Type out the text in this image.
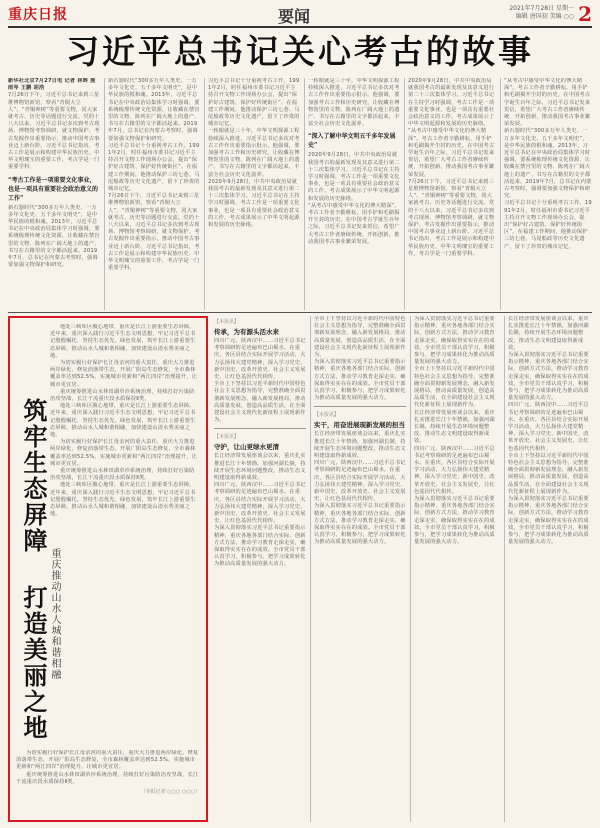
重庆日报	要闻	2021年7月28日 星期一
编辑 唐国初 美编 ○○ 2
习近平总书记关心考古的故事
新华社北京7月27日电 记者 林晖 施雨岑 王鹏 胡浩
7月26日下午，习近平总书记来到三星堆博物馆新馆，察看“青铜大立人”、“青铜神树”等重要文物，同大家就考古、历史等话题进行交流。党的十八大以来，习近平总书记多次到考古现场、博物馆考察调研，就文物保护、考古发掘作出重要指示，推动中国考古事业迈上新台阶。习近平总书记指出，考古工作是展示和构建中华民族历史、中华文明瑰宝的重要工作，考古学是一门重要学科。
“考古工作是一项重要文化事业，也是一项具有重要社会政治意义的工作”
新石器时代“300多万年人类史、一万多年文化史、五千多年文明史”，是中华民族的根和魂。2013年，习近平总书记在中央政治局集体学习时强调，要系统梳理传统文化资源，让收藏在禁宫里的文物、陈列在广阔大地上的遗产、书写在古籍里的文字都活起来。2019年7月，总书记在内蒙古考察时，强调要加强文物保护和研究。
新石器时代“300多万年人类史、一万多年文化史、五千多年文明史”，是中华民族的根和魂。2013年，习近平总书记在中央政治局集体学习时强调，要系统梳理传统文化资源，让收藏在禁宫里的文物、陈列在广阔大地上的遗产、书写在古籍里的文字都活起来。2019年7月，总书记在内蒙古考察时，强调要加强文物保护和研究。
习近平总书记十分重视考古工作。1991年2月，时任福州市委书记习近平主持召开文物工作现场办公会，提出“保护好古建筑、保护好传统街区”。在福建工作期间，他推动保护三坊七巷、马尾船政等历史文化遗产，留下了珍贵的城市记忆。
7月26日下午，习近平总书记来到三星堆博物馆新馆，察看“青铜大立人”、“青铜神树”等重要文物，同大家就考古、历史等话题进行交流。党的十八大以来，习近平总书记多次到考古现场、博物馆考察调研，就文物保护、考古发掘作出重要指示，推动中国考古事业迈上新台阶。习近平总书记指出，考古工作是展示和构建中华民族历史、中华文明瑰宝的重要工作，考古学是一门重要学科。
习近平总书记十分重视考古工作。1991年2月，时任福州市委书记习近平主持召开文物工作现场办公会，提出“保护好古建筑、保护好传统街区”。在福建工作期间，他推动保护三坊七巷、马尾船政等历史文化遗产，留下了珍贵的城市记忆。
一转眼就是三十年，中华文明探源工程持续深入推进，习近平总书记多次对考古工作作出重要指示批示。他强调，要加强考古工作和历史研究，让收藏在博物馆里的文物、陈列在广阔大地上的遗产、书写在古籍里的文字都活起来，丰富全社会历史文化滋养。
2020年9月28日，中共中央政治局就我国考古的最新发现及其意义进行第二十三次集体学习。习近平总书记在主持学习时强调，考古工作是一项重要文化事业，也是一项具有重要社会政治意义的工作。考古成果展示了中华文明起源和发展的历史脉络。
一转眼就是三十年，中华文明探源工程持续深入推进，习近平总书记多次对考古工作作出重要指示批示。他强调，要加强考古工作和历史研究，让收藏在博物馆里的文物、陈列在广阔大地上的遗产、书写在古籍里的文字都活起来，丰富全社会历史文化滋养。
“深入了解中华文明五千多年发展史”
2020年9月28日，中共中央政治局就我国考古的最新发现及其意义进行第二十三次集体学习。习近平总书记在主持学习时强调，考古工作是一项重要文化事业，也是一项具有重要社会政治意义的工作。考古成果展示了中华文明起源和发展的历史脉络。
“从考古中感受中华文化的博大精深”。考古工作者辛勤耕耘，用手铲和毛刷揭开尘封的历史。在中国考古学诞生百年之际，习近平总书记发来贺信，希望广大考古工作者赓续传统、开拓创新，推动我国考古事业繁荣发展。
2020年9月28日，中共中央政治局就我国考古的最新发现及其意义进行第二十三次集体学习。习近平总书记在主持学习时强调，考古工作是一项重要文化事业，也是一项具有重要社会政治意义的工作。考古成果展示了中华文明起源和发展的历史脉络。
“从考古中感受中华文化的博大精深”。考古工作者辛勤耕耘，用手铲和毛刷揭开尘封的历史。在中国考古学诞生百年之际，习近平总书记发来贺信，希望广大考古工作者赓续传统、开拓创新，推动我国考古事业繁荣发展。
7月26日下午，习近平总书记来到三星堆博物馆新馆，察看“青铜大立人”、“青铜神树”等重要文物，同大家就考古、历史等话题进行交流。党的十八大以来，习近平总书记多次到考古现场、博物馆考察调研，就文物保护、考古发掘作出重要指示，推动中国考古事业迈上新台阶。习近平总书记指出，考古工作是展示和构建中华民族历史、中华文明瑰宝的重要工作，考古学是一门重要学科。
“从考古中感受中华文化的博大精深”。考古工作者辛勤耕耘，用手铲和毛刷揭开尘封的历史。在中国考古学诞生百年之际，习近平总书记发来贺信，希望广大考古工作者赓续传统、开拓创新，推动我国考古事业繁荣发展。
新石器时代“300多万年人类史、一万多年文化史、五千多年文明史”，是中华民族的根和魂。2013年，习近平总书记在中央政治局集体学习时强调，要系统梳理传统文化资源，让收藏在禁宫里的文物、陈列在广阔大地上的遗产、书写在古籍里的文字都活起来。2019年7月，总书记在内蒙古考察时，强调要加强文物保护和研究。
习近平总书记十分重视考古工作。1991年2月，时任福州市委书记习近平主持召开文物工作现场办公会，提出“保护好古建筑、保护好传统街区”。在福建工作期间，他推动保护三坊七巷、马尾船政等历史文化遗产，留下了珍贵的城市记忆。
筑牢生态屏障 打造美丽之地 重庆推动山水人城和谐相融
地处三峡库区腹心地带，重庆是长江上游重要生态屏障。近年来，重庆深入践行习近平生态文明思想，牢记习近平总书记殷殷嘱托，坚持生态优先、绿色发展，筑牢长江上游重要生态屏障，推动山水人城和谐相融，加快建设山清水秀美丽之地。
为切实履行好保护长江母亲河的重大责任，重庆大力推进两岸绿化，修复消落带生态，开展广阳岛生态修复，全市森林覆盖率达到52.5%。实施城市更新和“两江四岸”治理提升，让城市更宜居。
重庆统筹推进山水林田湖草沙系统治理，持续打好污染防治攻坚战，长江干流重庆段水质保持Ⅱ类。
地处三峡库区腹心地带，重庆是长江上游重要生态屏障。近年来，重庆深入践行习近平生态文明思想，牢记习近平总书记殷殷嘱托，坚持生态优先、绿色发展，筑牢长江上游重要生态屏障，推动山水人城和谐相融，加快建设山清水秀美丽之地。
为切实履行好保护长江母亲河的重大责任，重庆大力推进两岸绿化，修复消落带生态，开展广阳岛生态修复，全市森林覆盖率达到52.5%。实施城市更新和“两江四岸”治理提升，让城市更宜居。
重庆统筹推进山水林田湖草沙系统治理，持续打好污染防治攻坚战，长江干流重庆段水质保持Ⅱ类。
地处三峡库区腹心地带，重庆是长江上游重要生态屏障。近年来，重庆深入践行习近平生态文明思想，牢记习近平总书记殷殷嘱托，坚持生态优先、绿色发展，筑牢长江上游重要生态屏障，推动山水人城和谐相融，加快建设山清水秀美丽之地。
为切实履行好保护长江母亲河的重大责任，重庆大力推进两岸绿化，修复消落带生态，开展广阳岛生态修复，全市森林覆盖率达到52.5%。实施城市更新和“两江四岸”治理提升，让城市更宜居。
重庆统筹推进山水林田湖草沙系统治理，持续打好污染防治攻坚战，长江干流重庆段水质保持Ⅱ类。
（本报记者 ○○○ ○○○）
【本报讯】
传承，为有源头活水来
四川广元、陕西汉中……习近平总书记考察调研的足迹遍布巴山蜀水。在重庆，各区县结合实际开展学习活动，大力弘扬伟大建党精神，深入学习党史、新中国史、改革开放史、社会主义发展史，让红色基因代代相传。
全市上下坚持以习近平新时代中国特色社会主义思想为指导，完整准确全面贯彻新发展理念，融入新发展格局，推动高质量发展，创造高品质生活，在全面建设社会主义现代化新征程上展现新作为。
【本报讯】
守护，让山更绿水更清
长江经济带发展座谈会以来，重庆扎实推进长江十年禁渔，加强河湖长制，持续开展生态环境问题整改，推动生态文明建设取得新成效。
四川广元、陕西汉中……习近平总书记考察调研的足迹遍布巴山蜀水。在重庆，各区县结合实际开展学习活动，大力弘扬伟大建党精神，深入学习党史、新中国史、改革开放史、社会主义发展史，让红色基因代代相传。
为深入贯彻落实习近平总书记重要指示精神，重庆各地各部门结合实际，创新方式方法，推动学习教育走深走实，确保取得实实在在的成效。全市党员干部认真学习，积极参与，把学习成果转化为推动高质量发展的强大动力。
全市上下坚持以习近平新时代中国特色社会主义思想为指导，完整准确全面贯彻新发展理念，融入新发展格局，推动高质量发展，创造高品质生活，在全面建设社会主义现代化新征程上展现新作为。
为深入贯彻落实习近平总书记重要指示精神，重庆各地各部门结合实际，创新方式方法，推动学习教育走深走实，确保取得实实在在的成效。全市党员干部认真学习，积极参与，把学习成果转化为推动高质量发展的强大动力。
【本报讯】
实干，用奋进展现新发展的担当
长江经济带发展座谈会以来，重庆扎实推进长江十年禁渔，加强河湖长制，持续开展生态环境问题整改，推动生态文明建设取得新成效。
四川广元、陕西汉中……习近平总书记考察调研的足迹遍布巴山蜀水。在重庆，各区县结合实际开展学习活动，大力弘扬伟大建党精神，深入学习党史、新中国史、改革开放史、社会主义发展史，让红色基因代代相传。
为深入贯彻落实习近平总书记重要指示精神，重庆各地各部门结合实际，创新方式方法，推动学习教育走深走实，确保取得实实在在的成效。全市党员干部认真学习，积极参与，把学习成果转化为推动高质量发展的强大动力。
为深入贯彻落实习近平总书记重要指示精神，重庆各地各部门结合实际，创新方式方法，推动学习教育走深走实，确保取得实实在在的成效。全市党员干部认真学习，积极参与，把学习成果转化为推动高质量发展的强大动力。
全市上下坚持以习近平新时代中国特色社会主义思想为指导，完整准确全面贯彻新发展理念，融入新发展格局，推动高质量发展，创造高品质生活，在全面建设社会主义现代化新征程上展现新作为。
长江经济带发展座谈会以来，重庆扎实推进长江十年禁渔，加强河湖长制，持续开展生态环境问题整改，推动生态文明建设取得新成效。
四川广元、陕西汉中……习近平总书记考察调研的足迹遍布巴山蜀水。在重庆，各区县结合实际开展学习活动，大力弘扬伟大建党精神，深入学习党史、新中国史、改革开放史、社会主义发展史，让红色基因代代相传。
为深入贯彻落实习近平总书记重要指示精神，重庆各地各部门结合实际，创新方式方法，推动学习教育走深走实，确保取得实实在在的成效。全市党员干部认真学习，积极参与，把学习成果转化为推动高质量发展的强大动力。
长江经济带发展座谈会以来，重庆扎实推进长江十年禁渔，加强河湖长制，持续开展生态环境问题整改，推动生态文明建设取得新成效。
为深入贯彻落实习近平总书记重要指示精神，重庆各地各部门结合实际，创新方式方法，推动学习教育走深走实，确保取得实实在在的成效。全市党员干部认真学习，积极参与，把学习成果转化为推动高质量发展的强大动力。
四川广元、陕西汉中……习近平总书记考察调研的足迹遍布巴山蜀水。在重庆，各区县结合实际开展学习活动，大力弘扬伟大建党精神，深入学习党史、新中国史、改革开放史、社会主义发展史，让红色基因代代相传。
全市上下坚持以习近平新时代中国特色社会主义思想为指导，完整准确全面贯彻新发展理念，融入新发展格局，推动高质量发展，创造高品质生活，在全面建设社会主义现代化新征程上展现新作为。
为深入贯彻落实习近平总书记重要指示精神，重庆各地各部门结合实际，创新方式方法，推动学习教育走深走实，确保取得实实在在的成效。全市党员干部认真学习，积极参与，把学习成果转化为推动高质量发展的强大动力。
